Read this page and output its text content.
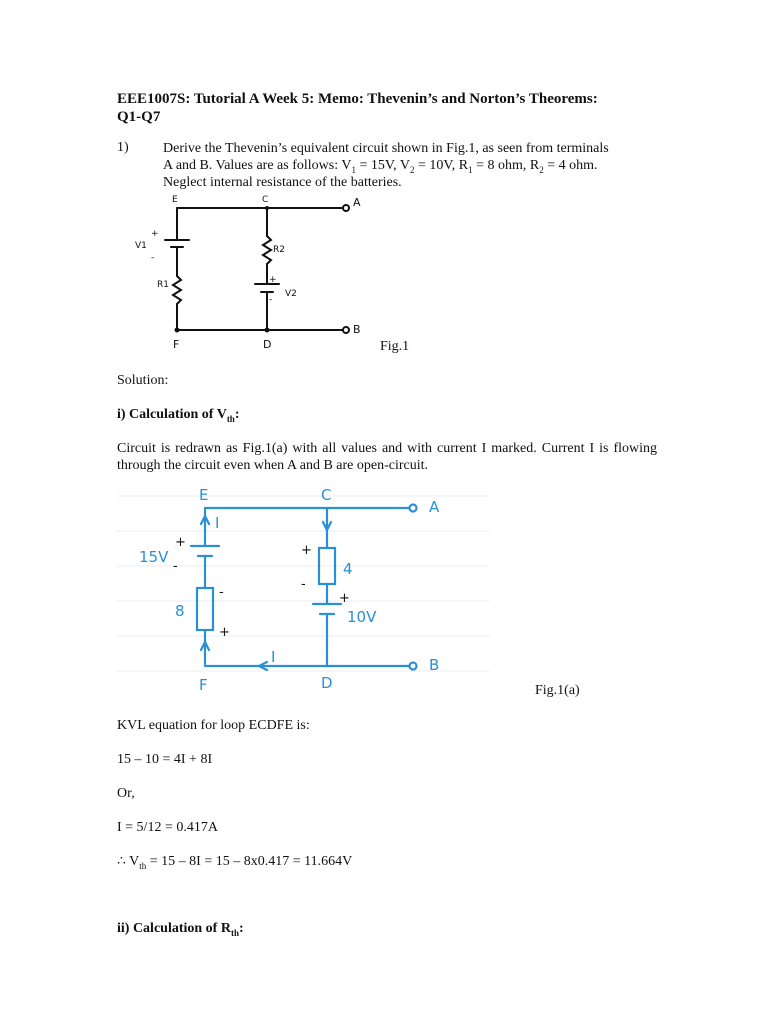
EEE1007S: Tutorial A Week 5: Memo: Thevenin’s and Norton’s Theorems:
Q1-Q7
1) Derive the Thevenin’s equivalent circuit shown in Fig.1, as seen from terminals
A and B. Values are as follows: $V_1 = 15V$, $V_2 = 10V$, $R_1 = 8$ ohm, $R_2 = 4$ ohm.
Neglect internal resistance of the batteries.
E	C	A
B
F	D
V1
R1
R2
V2
+
-
+
-
Fig.1
Solution:
i) Calculation of $V_{th}$:
Circuit is redrawn as Fig.1(a) with all values and with current I marked. Current I is flowing through the circuit even when A and B are open-circuit.
E	C
A
B
F	D
I
I
15V
8
4
10V
+
-
-
+
+
-
+
Fig.1(a)
KVL equation for loop ECDFE is:
15 – 10 = 4I + 8I
Or,
I = 5/12 = 0.417A
∴ $V_{th} = 15 - 8I = 15 - 8x0.417 = 11.664V$
ii) Calculation of $R_{th}$:
